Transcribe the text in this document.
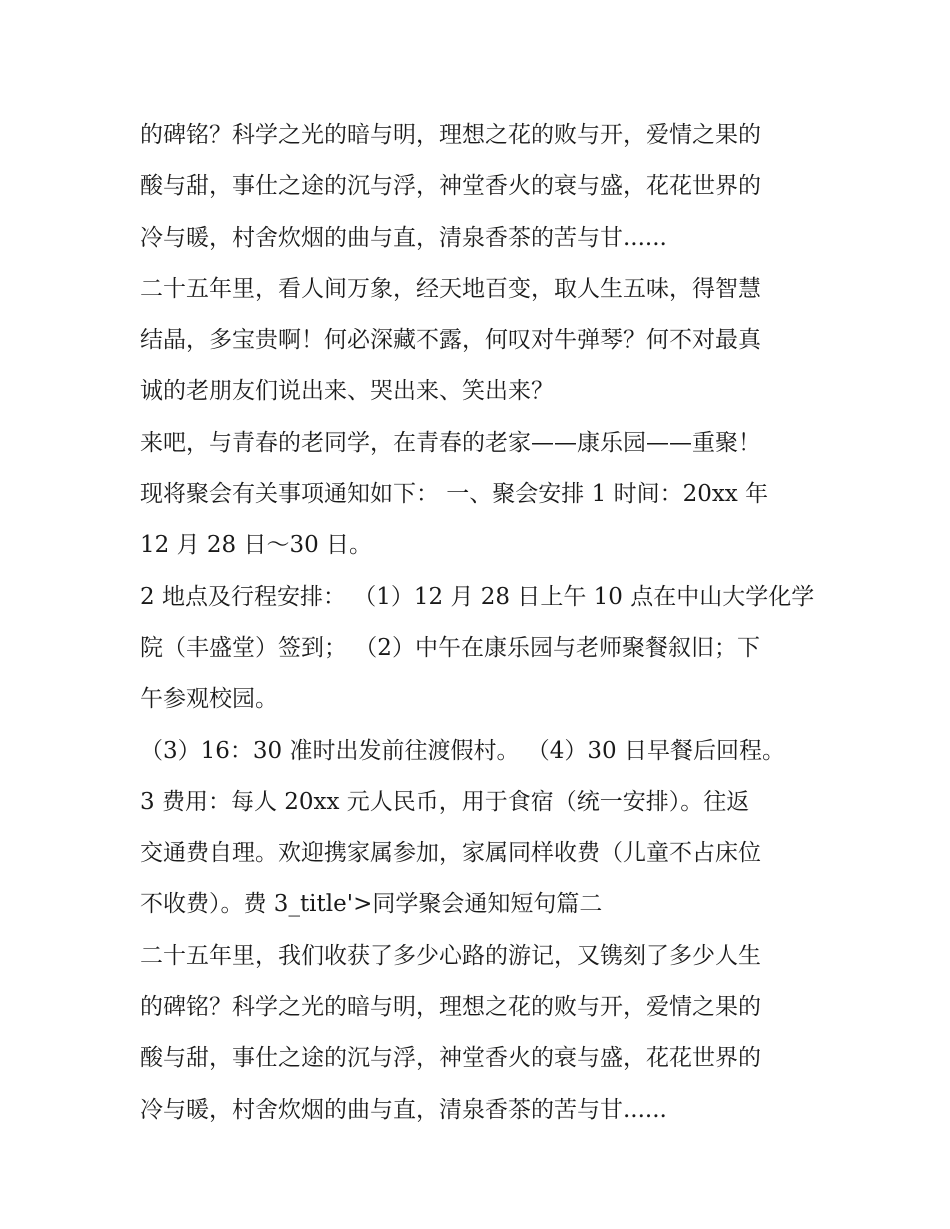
的碑铭？科学之光的暗与明，理想之花的败与开，爱情之果的
酸与甜，事仕之途的沉与浮，神堂香火的衰与盛，花花世界的
冷与暖，村舍炊烟的曲与直，清泉香茶的苦与甘......
二十五年里，看人间万象，经天地百变，取人生五味，得智慧
结晶，多宝贵啊！何必深藏不露，何叹对牛弹琴？何不对最真
诚的老朋友们说出来、哭出来、笑出来？
来吧，与青春的老同学，在青春的老家——康乐园——重聚！
现将聚会有关事项通知如下： 一、聚会安排 1 时间：20xx 年
12 月 28 日～30 日。
2 地点及行程安排： （1）12 月 28 日上午 10 点在中山大学化学
院（丰盛堂）签到； （2）中午在康乐园与老师聚餐叙旧；下
午参观校园。
（3）16：30 准时出发前往渡假村。 （4）30 日早餐后回程。
3 费用：每人 20xx 元人民币，用于食宿（统一安排）。往返
交通费自理。欢迎携家属参加，家属同样收费（儿童不占床位
不收费）。费 3_title'>同学聚会通知短句篇二
二十五年里，我们收获了多少心路的游记，又镌刻了多少人生
的碑铭？科学之光的暗与明，理想之花的败与开，爱情之果的
酸与甜，事仕之途的沉与浮，神堂香火的衰与盛，花花世界的
冷与暖，村舍炊烟的曲与直，清泉香茶的苦与甘......
